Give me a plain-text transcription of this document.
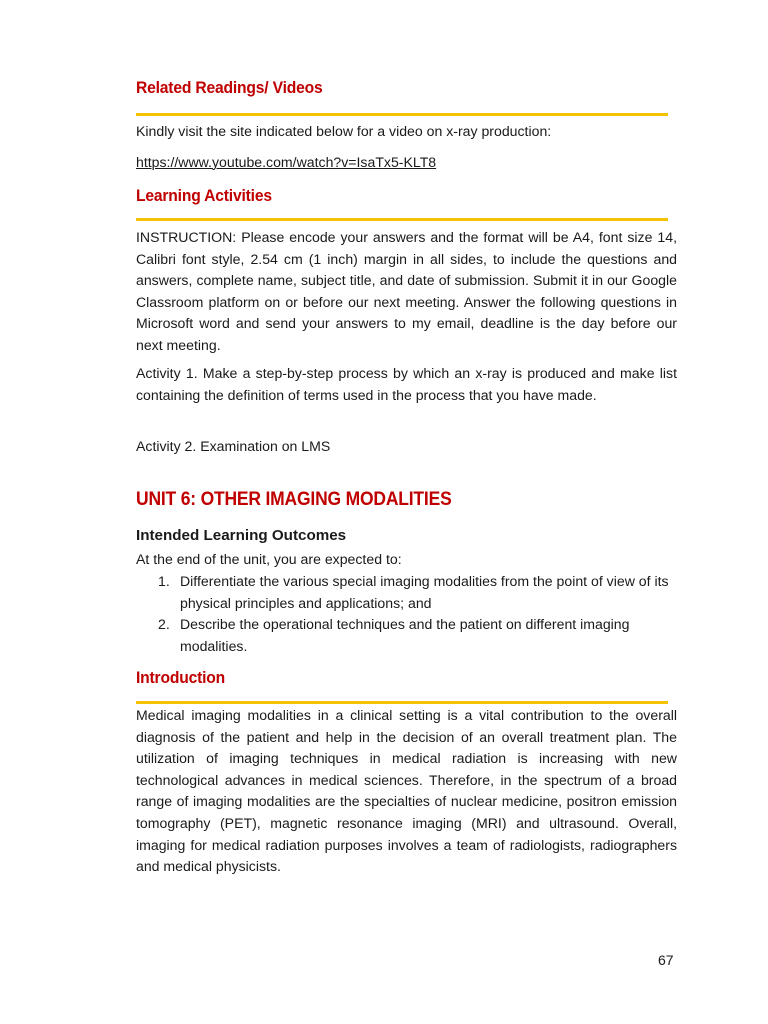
Related Readings/ Videos

Kindly visit the site indicated below for a video on x-ray production:

https://www.youtube.com/watch?v=IsaTx5-KLT8

Learning Activities

INSTRUCTION: Please encode your answers and the format will be A4, font size 14, Calibri font style, 2.54 cm (1 inch) margin in all sides, to include the questions and answers, complete name, subject title, and date of submission. Submit it in our Google Classroom platform on or before our next meeting. Answer the following questions in Microsoft word and send your answers to my email, deadline is the day before our next meeting.

Activity 1. Make a step-by-step process by which an x-ray is produced and make list containing the definition of terms used in the process that you have made.

Activity 2. Examination on LMS

UNIT 6: OTHER IMAGING MODALITIES
Intended Learning Outcomes

At the end of the unit, you are expected to:

1. Differentiate the various special imaging modalities from the point of view of its physical principles and applications; and
2. Describe the operational techniques and the patient on different imaging modalities.
Introduction

Medical imaging modalities in a clinical setting is a vital contribution to the overall diagnosis of the patient and help in the decision of an overall treatment plan. The utilization of imaging techniques in medical radiation is increasing with new technological advances in medical sciences. Therefore, in the spectrum of a broad range of imaging modalities are the specialties of nuclear medicine, positron emission tomography (PET), magnetic resonance imaging (MRI) and ultrasound. Overall, imaging for medical radiation purposes involves a team of radiologists, radiographers and medical physicists.

67
